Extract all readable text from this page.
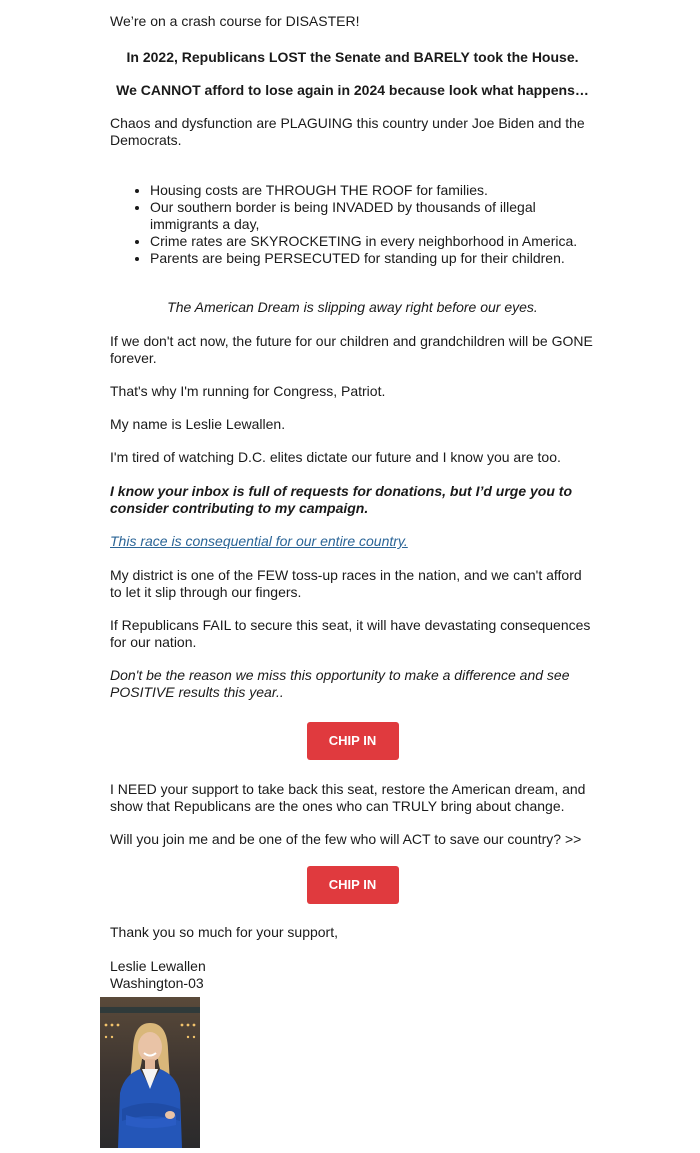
We’re on a crash course for DISASTER!

In 2022, Republicans LOST the Senate and BARELY took the House.

We CANNOT afford to lose again in 2024 because look what happens…

Chaos and dysfunction are PLAGUING this country under Joe Biden and the Democrats.

• Housing costs are THROUGH THE ROOF for families.
• Our southern border is being INVADED by thousands of illegal immigrants a day,
• Crime rates are SKYROCKETING in every neighborhood in America.
• Parents are being PERSECUTED for standing up for their children.

The American Dream is slipping away right before our eyes.

If we don't act now, the future for our children and grandchildren will be GONE forever.

That's why I'm running for Congress, Patriot.

My name is Leslie Lewallen.

I'm tired of watching D.C. elites dictate our future and I know you are too.

I know your inbox is full of requests for donations, but I’d urge you to consider contributing to my campaign.

This race is consequential for our entire country.

My district is one of the FEW toss-up races in the nation, and we can't afford to let it slip through our fingers.

If Republicans FAIL to secure this seat, it will have devastating consequences for our nation.

Don't be the reason we miss this opportunity to make a difference and see POSITIVE results this year..

CHIP IN

I NEED your support to take back this seat, restore the American dream, and show that Republicans are the ones who can TRULY bring about change.

Will you join me and be one of the few who will ACT to save our country? >>

CHIP IN

Thank you so much for your support,

Leslie Lewallen

Washington-03
